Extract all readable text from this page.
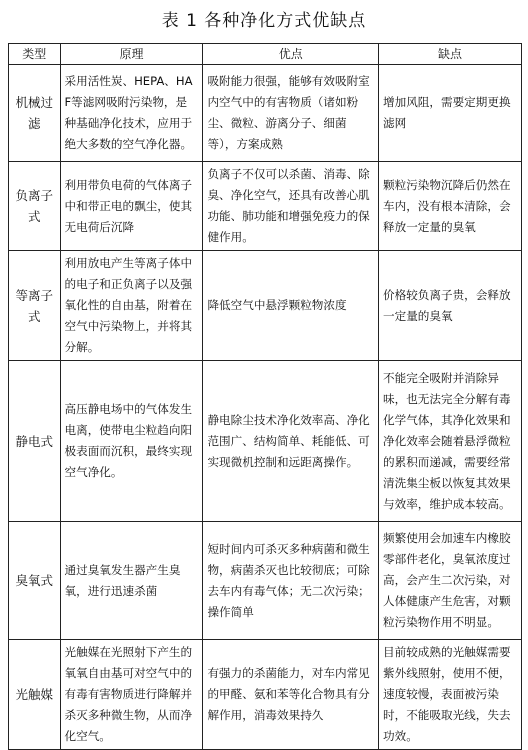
表 1 各种净化方式优缺点
类型	原理	优点	缺点
机械过滤	采用活性炭、HEPA、HAF等滤网吸附污染物，是种基础净化技术，应用于绝大多数的空气净化器。	吸附能力很强，能够有效吸附室内空气中的有害物质（诸如粉尘、微粒、游离分子、细菌等），方案成熟	增加风阻，需要定期更换滤网
负离子式	利用带负电荷的气体离子中和带正电的飘尘，使其无电荷后沉降	负离子不仅可以杀菌、消毒、除臭、净化空气，还具有改善心肌功能、肺功能和增强免疫力的保健作用。	颗粒污染物沉降后仍然在车内，没有根本清除，会释放一定量的臭氧
等离子式	利用放电产生等离子体中的电子和正负离子以及强氧化性的自由基，附着在空气中污染物上，并将其分解。	降低空气中悬浮颗粒物浓度	价格较负离子贵，会释放一定量的臭氧
静电式	高压静电场中的气体发生电离，使带电尘粒趋向阳极表面而沉积，最终实现空气净化。	静电除尘技术净化效率高、净化范围广、结构简单、耗能低、可实现微机控制和远距离操作。	不能完全吸附并消除异味，也无法完全分解有毒化学气体，其净化效果和净化效率会随着悬浮微粒的累积而递减，需要经常清洗集尘板以恢复其效果与效率，维护成本较高。
臭氧式	通过臭氧发生器产生臭氧，进行迅速杀菌	短时间内可杀灭多种病菌和微生物，病菌杀灭也比较彻底；可除去车内有毒气体；无二次污染；操作简单	频繁使用会加速车内橡胶零部件老化，臭氧浓度过高，会产生二次污染，对人体健康产生危害，对颗粒污染物作用不明显。
光触媒	光触媒在光照射下产生的氧氧自由基可对空气中的有毒有害物质进行降解并杀灭多种微生物，从而净化空气。	有强力的杀菌能力，对车内常见的甲醛、氨和苯等化合物具有分解作用，消毒效果持久	目前较成熟的光触媒需要紫外线照射，使用不便，速度较慢，表面被污染时，不能吸取光线，失去功效。
